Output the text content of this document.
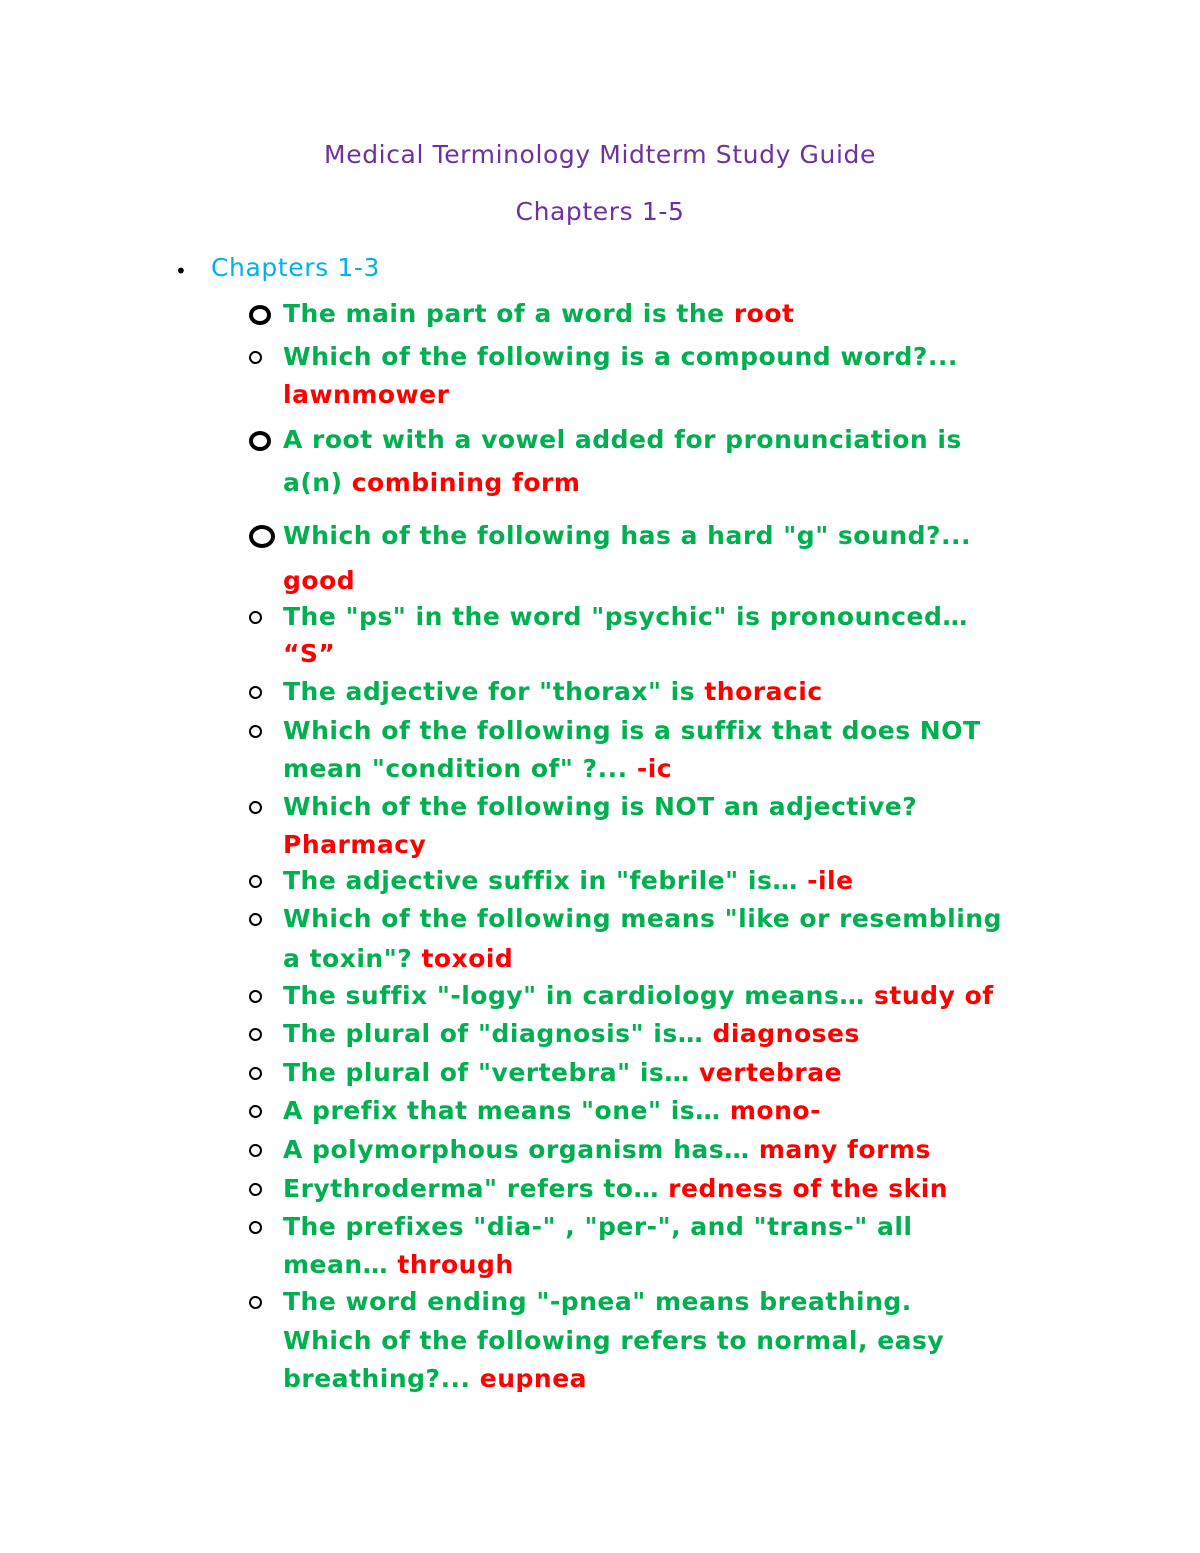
Medical Terminology Midterm Study Guide
Chapters 1-5
• Chapters 1-3
The main part of a word is the root
Which of the following is a compound word?...
lawnmower
A root with a vowel added for pronunciation is
a(n) combining form
Which of the following has a hard "g" sound?...
good
The "ps" in the word "psychic" is pronounced…
“S”
The adjective for "thorax" is thoracic
Which of the following is a suffix that does NOT
mean "condition of" ?... -ic
Which of the following is NOT an adjective?
Pharmacy
The adjective suffix in "febrile" is… -ile
Which of the following means "like or resembling
a toxin"? toxoid
The suffix "-logy" in cardiology means… study of
The plural of "diagnosis" is… diagnoses
The plural of "vertebra" is… vertebrae
A prefix that means "one" is… mono-
A polymorphous organism has… many forms
Erythroderma" refers to… redness of the skin
The prefixes "dia-" , "per-", and "trans-" all
mean… through
The word ending "-pnea" means breathing.
Which of the following refers to normal, easy
breathing?... eupnea
